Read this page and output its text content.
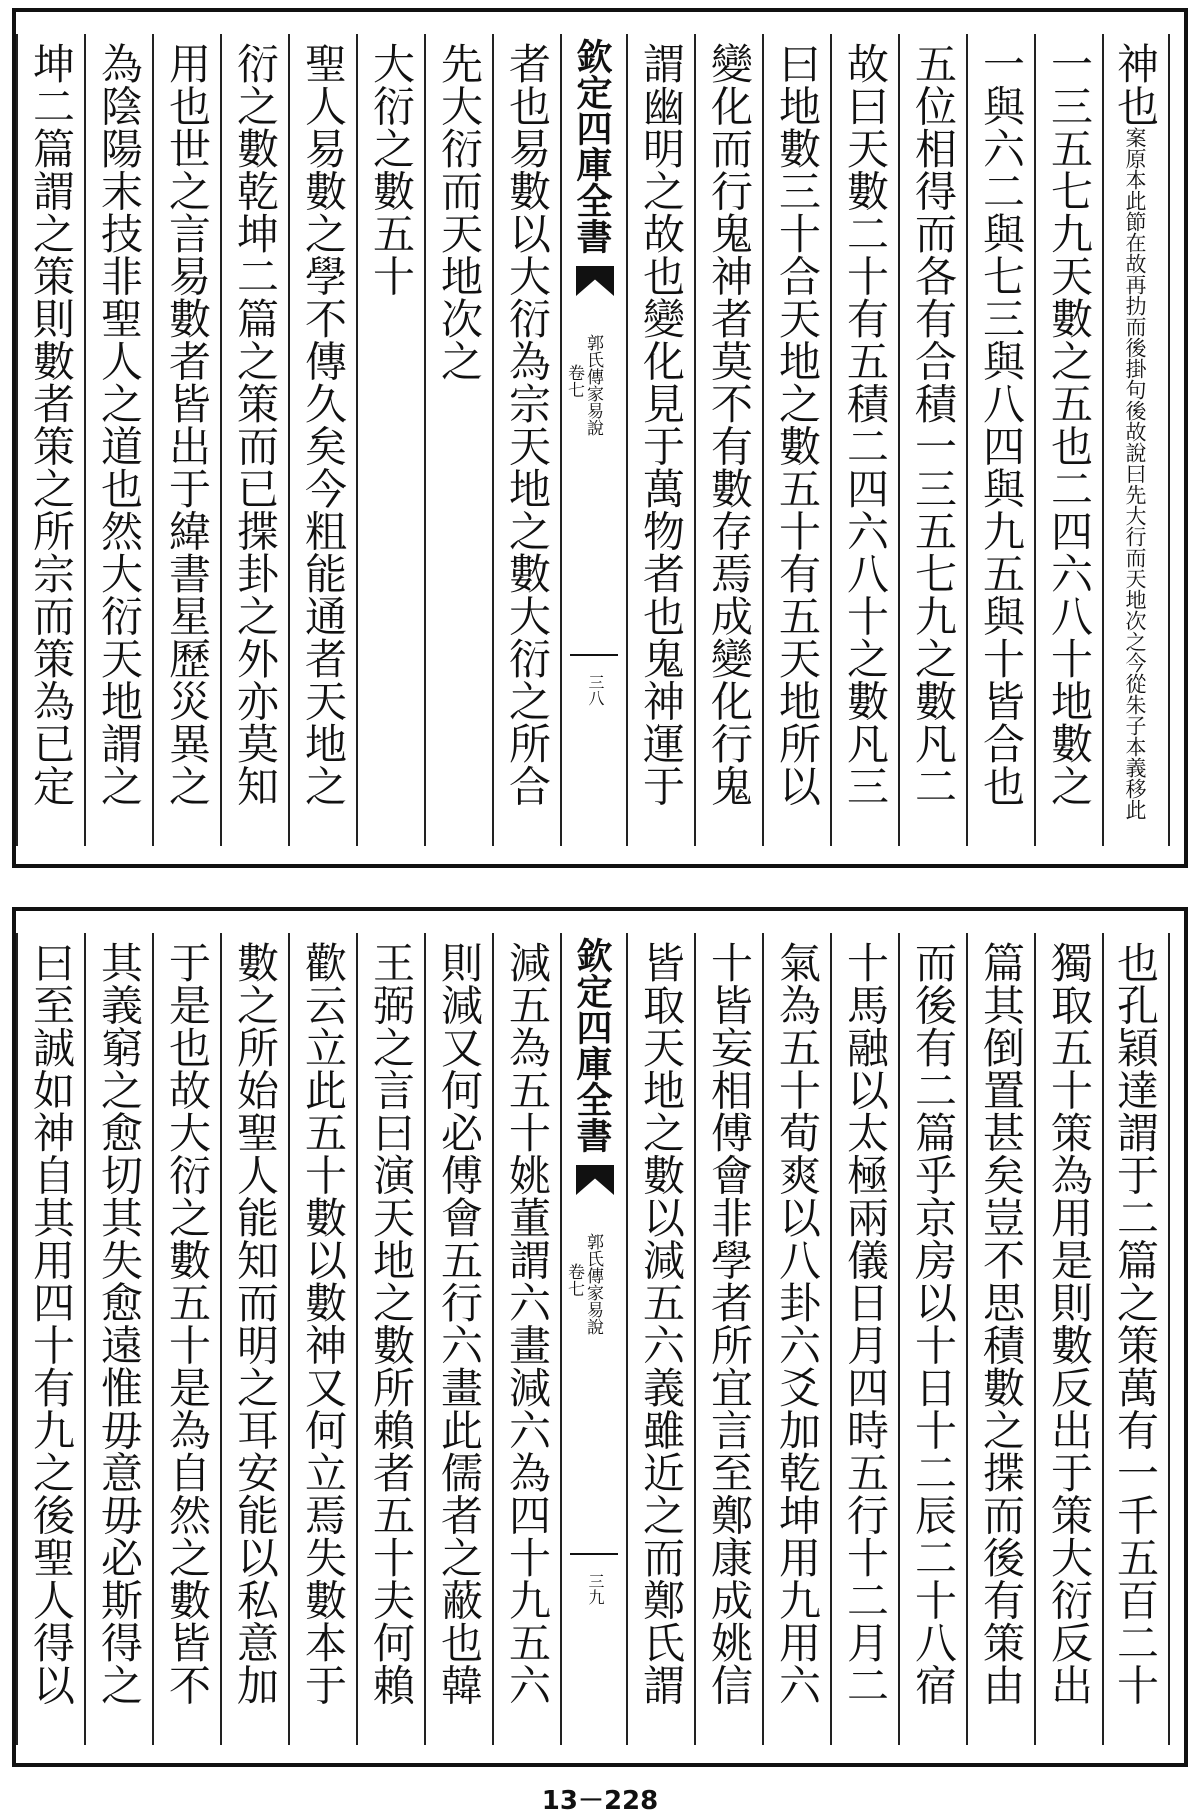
神也案原本此節在故再扐而後掛句後故說曰先大行而天地次之今從朱子本義移此
一三五七九天數之五也二四六八十地數之
一與六二與七三與八四與九五與十皆合也
五位相得而各有合積一三五七九之數凡二
故曰天數二十有五積二四六八十之數凡三
曰地數三十合天地之數五十有五天地所以
變化而行鬼神者莫不有數存焉成變化行鬼
謂幽明之故也變化見于萬物者也鬼神運于
欽定四庫全書
郭氏傳家易說
卷七
三八
者也易數以大衍為宗天地之數大衍之所合
先大衍而天地次之
大衍之數五十
聖人易數之學不傳久矣今粗能通者天地之
衍之數乾坤二篇之策而已揲卦之外亦莫知
用也世之言易數者皆出于緯書星歷災異之
為陰陽末技非聖人之道也然大衍天地謂之
坤二篇謂之策則數者策之所宗而策為已定
也孔穎達謂于二篇之策萬有一千五百二十
獨取五十策為用是則數反出于策大衍反出
篇其倒置甚矣豈不思積數之揲而後有策由
而後有二篇乎京房以十日十二辰二十八宿
十馬融以太極兩儀日月四時五行十二月二
氣為五十荀爽以八卦六爻加乾坤用九用六
十皆妄相傅會非學者所宜言至鄭康成姚信
皆取天地之數以減五六義雖近之而鄭氏謂
欽定四庫全書
郭氏傳家易說
卷七
三九
減五為五十姚董謂六畫減六為四十九五六
則減又何必傅會五行六畫此儒者之蔽也韓
王弼之言曰演天地之數所賴者五十夫何賴
歡云立此五十數以數神又何立焉失數本于
數之所始聖人能知而明之耳安能以私意加
于是也故大衍之數五十是為自然之數皆不
其義窮之愈切其失愈遠惟毋意毋必斯得之
曰至誠如神自其用四十有九之後聖人得以
13－228
